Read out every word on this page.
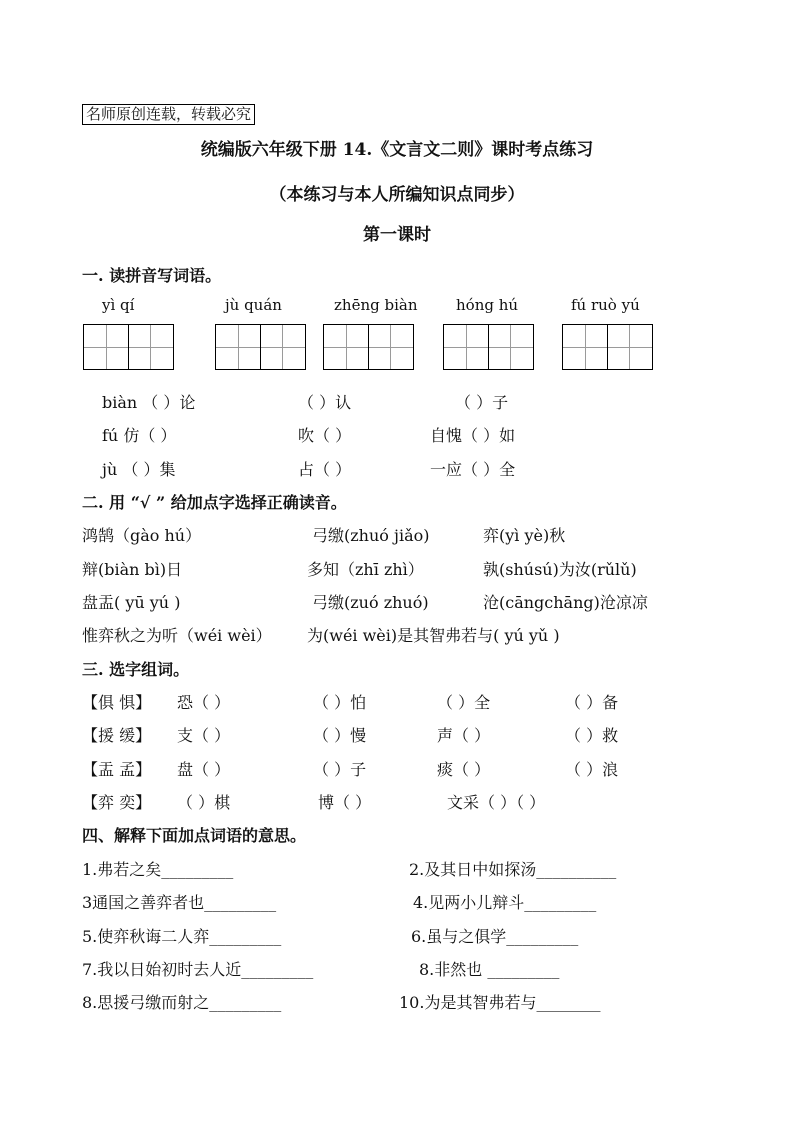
名师原创连载，转载必究
统编版六年级下册 14.《文言文二则》课时考点练习
（本练习与本人所编知识点同步）
第一课时
一. 读拼音写词语。
yì qí	jù quán	zhēng biàn	hóng hú	fú ruò yú
biàn （ ）论	（ ）认	（ ）子
fú 仿（ ）	吹（ ）	自愧（ ）如
jù （ ）集	占（ ）	一应（ ）全
二. 用 “√ ” 给加点字选择正确读音。
鸿鹄（gào hú）	弓缴(zhuó jiǎo)	弈(yì yè)秋
辩(biàn bì)日	多知（zhī zhì）	孰(shúsú)为汝(rǔlǔ)
盘盂( yū yú )	弓缴(zuó zhuó)	沧(cāngchāng)沧凉凉
惟弈秋之为听（wéi wèi） 为(wéi wèi)是其智弗若与( yú yǔ )
三. 选字组词。
【俱 惧】 恐（ ）	（ ）怕	（ ）全	（ ）备
【援 缓】 支（ ）	（ ）慢	声（ ）	（ ）救
【盂 孟】 盘（ ）	（ ）子	痰（ ）	（ ）浪
【弈 奕】 （ ）棋	博（ ）	文采（ ）（ ）
四、解释下面加点词语的意思。
1.弗若之矣_________	2.及其日中如探汤__________
3通国之善弈者也_________	4.见两小儿辩斗_________
5.使弈秋诲二人弈_________	6.虽与之俱学_________
7.我以日始初时去人近_________	8.非然也 _________
8.思援弓缴而射之_________	10.为是其智弗若与________
